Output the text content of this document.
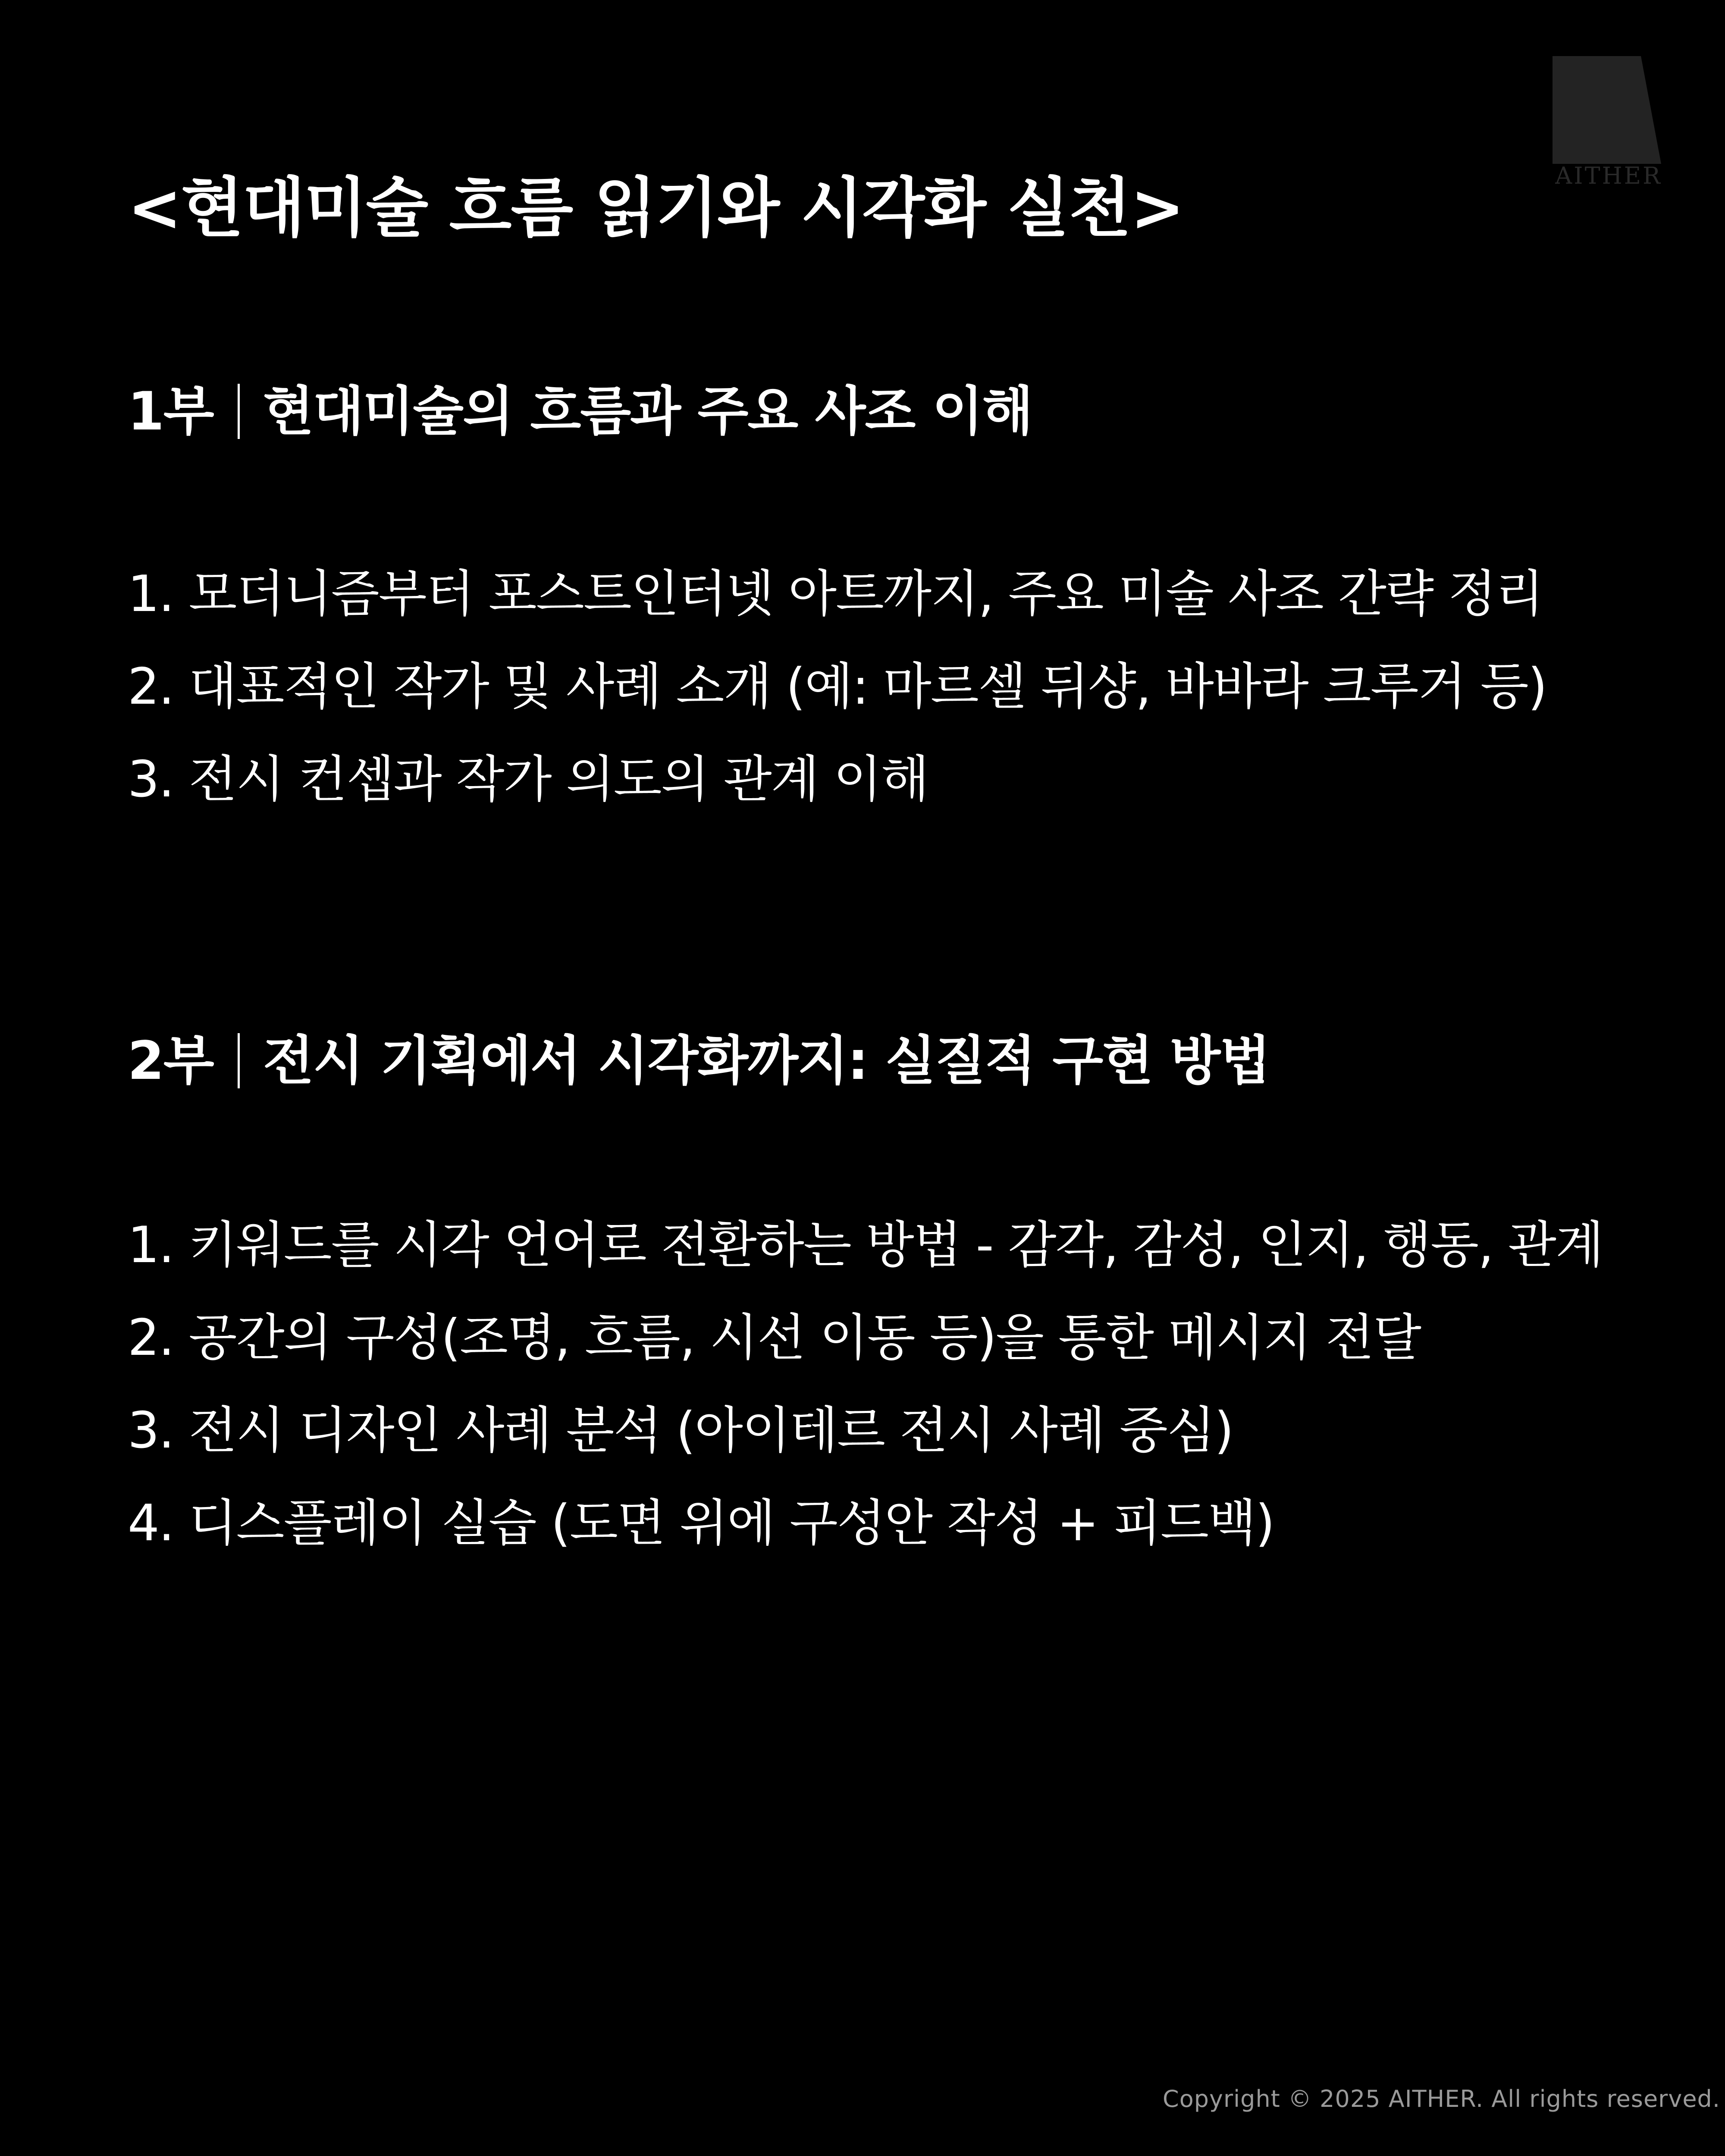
AITHER
<현대미술 흐름 읽기와 시각화 실천>
1부 현대미술의 흐름과 주요 사조 이해
1. 모더니즘부터 포스트인터넷 아트까지, 주요 미술 사조 간략 정리
2. 대표적인 작가 및 사례 소개 (예: 마르셀 뒤샹, 바바라 크루거 등)
3. 전시 컨셉과 작가 의도의 관계 이해
2부 전시 기획에서 시각화까지: 실질적 구현 방법
1. 키워드를 시각 언어로 전환하는 방법 - 감각, 감성, 인지, 행동, 관계
2. 공간의 구성(조명, 흐름, 시선 이동 등)을 통한 메시지 전달
3. 전시 디자인 사례 분석 (아이테르 전시 사례 중심)
4. 디스플레이 실습 (도면 위에 구성안 작성 + 피드백)
Copyright © 2025 AITHER. All rights reserved.
